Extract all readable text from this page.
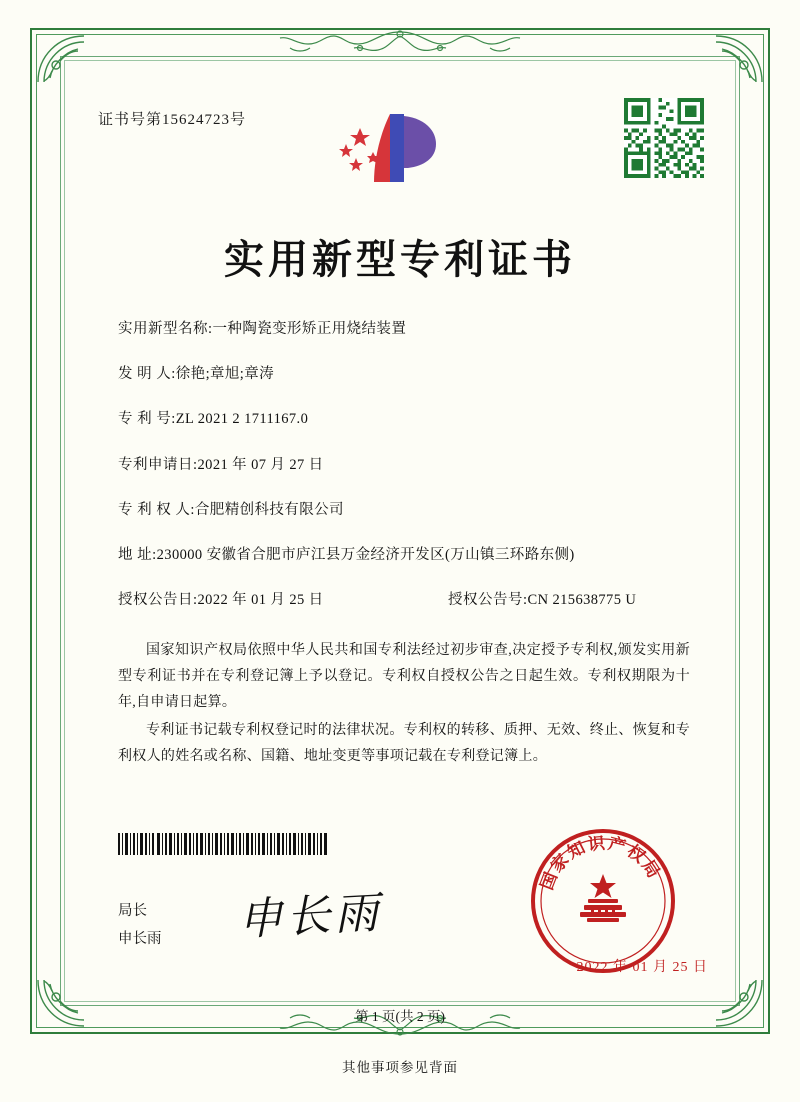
证书号第15624723号
实用新型专利证书
实用新型名称: 一种陶瓷变形矫正用烧结装置
发 明 人: 徐艳;章旭;章涛
专 利 号: ZL 2021 2 1711167.0
专利申请日: 2021 年 07 月 27 日
专 利 权 人: 合肥精创科技有限公司
地 址: 230000 安徽省合肥市庐江县万金经济开发区(万山镇三环路东侧)
授权公告日: 2022 年 01 月 25 日	授权公告号: CN 215638775 U

国家知识产权局依照中华人民共和国专利法经过初步审查,决定授予专利权,颁发实用新型专利证书并在专利登记簿上予以登记。专利权自授权公告之日起生效。专利权期限为十年,自申请日起算。

专利证书记载专利权登记时的法律状况。专利权的转移、质押、无效、终止、恢复和专利权人的姓名或名称、国籍、地址变更等事项记载在专利登记簿上。

局长
申长雨 申长雨
国家知识产权局
2022 年 01 月 25 日
第 1 页(共 2 页)
其他事项参见背面
